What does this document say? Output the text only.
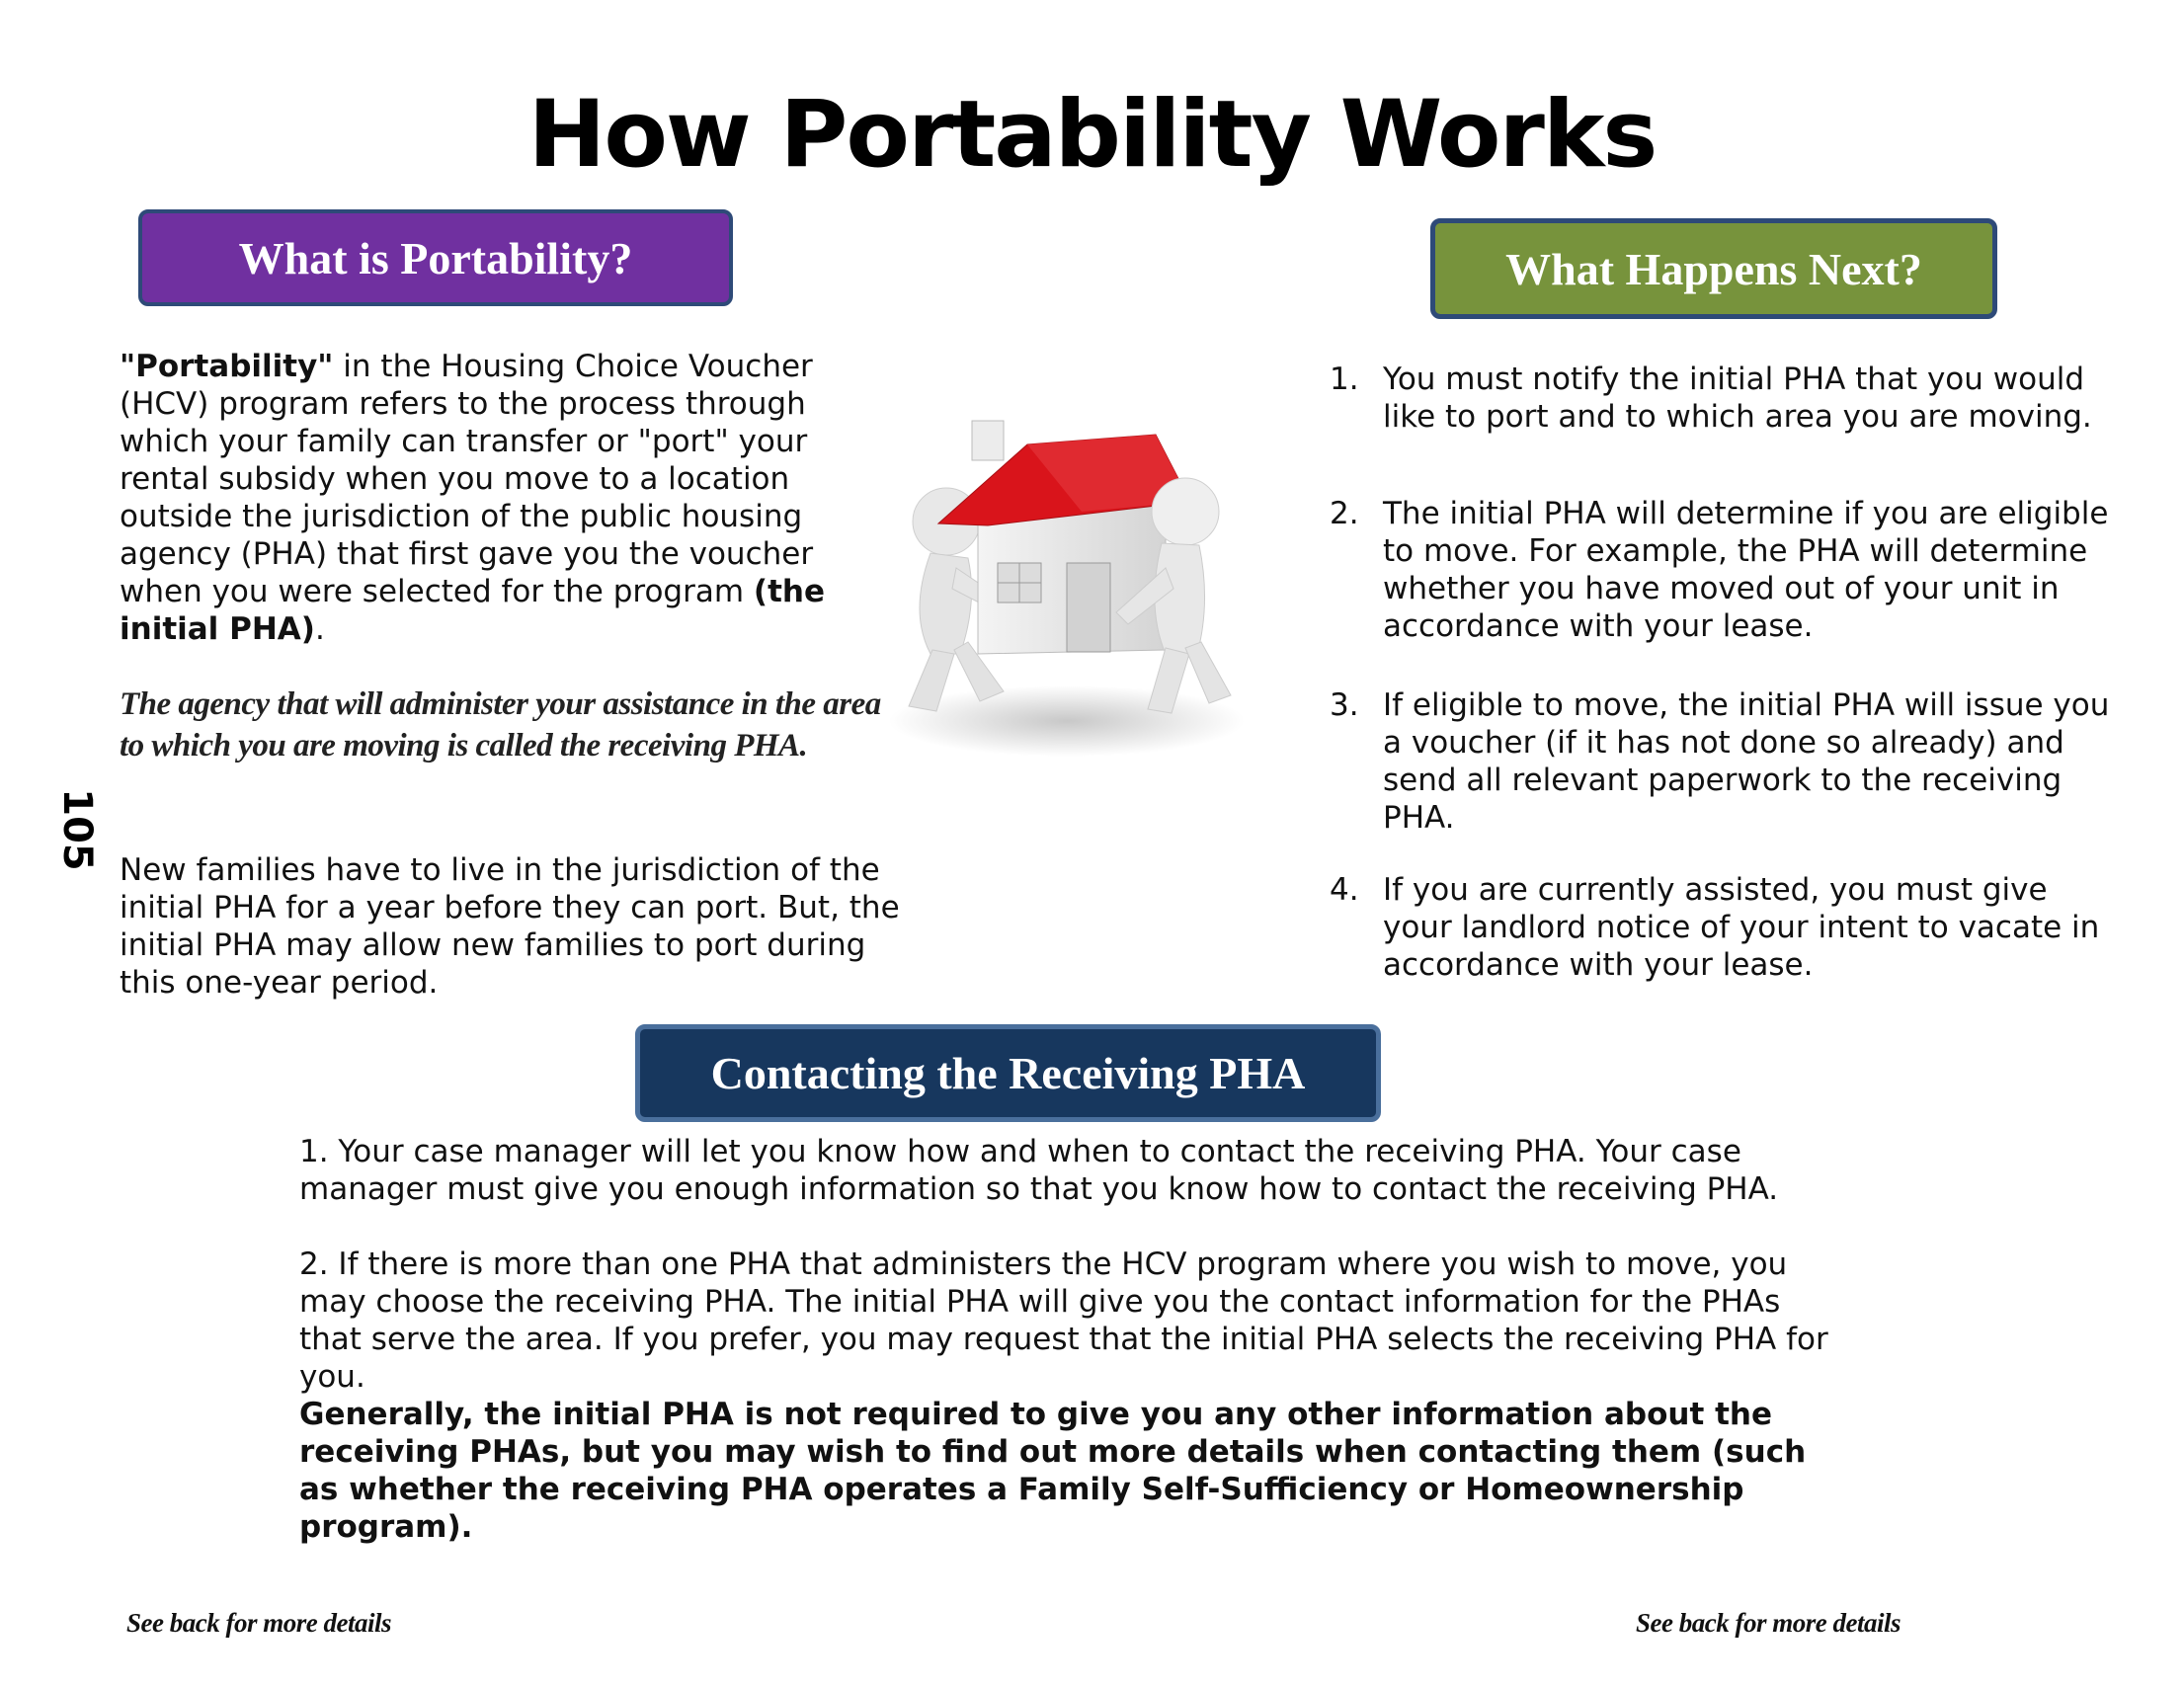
How Portability Works
What is Portability?
"Portability" in the Housing Choice Voucher (HCV) program refers to the process through which your family can transfer or "port" your rental subsidy when you move to a location outside the jurisdiction of the public housing agency (PHA) that first gave you the voucher when you were selected for the program (the initial PHA).
The agency that will administer your assistance in the area to which you are moving is called the receiving PHA.
New families have to live in the jurisdiction of the initial PHA for a year before they can port. But, the initial PHA may allow new families to port during this one-year period.
105
What Happens Next?
1. You must notify the initial PHA that you would like to port and to which area you are moving.
2. The initial PHA will determine if you are eligible to move. For example, the PHA will determine whether you have moved out of your unit in accordance with your lease.
3. If eligible to move, the initial PHA will issue you a voucher (if it has not done so already) and send all relevant paperwork to the receiving PHA.
4. If you are currently assisted, you must give your landlord notice of your intent to vacate in accordance with your lease.
Contacting the Receiving PHA
1. Your case manager will let you know how and when to contact the receiving PHA. Your case manager must give you enough information so that you know how to contact the receiving PHA.
2. If there is more than one PHA that administers the HCV program where you wish to move, you may choose the receiving PHA. The initial PHA will give you the contact information for the PHAs that serve the area. If you prefer, you may request that the initial PHA selects the receiving PHA for you.
Generally, the initial PHA is not required to give you any other information about the receiving PHAs, but you may wish to find out more details when contacting them (such as whether the receiving PHA operates a Family Self-Sufficiency or Homeownership program).
See back for more details	See back for more details
